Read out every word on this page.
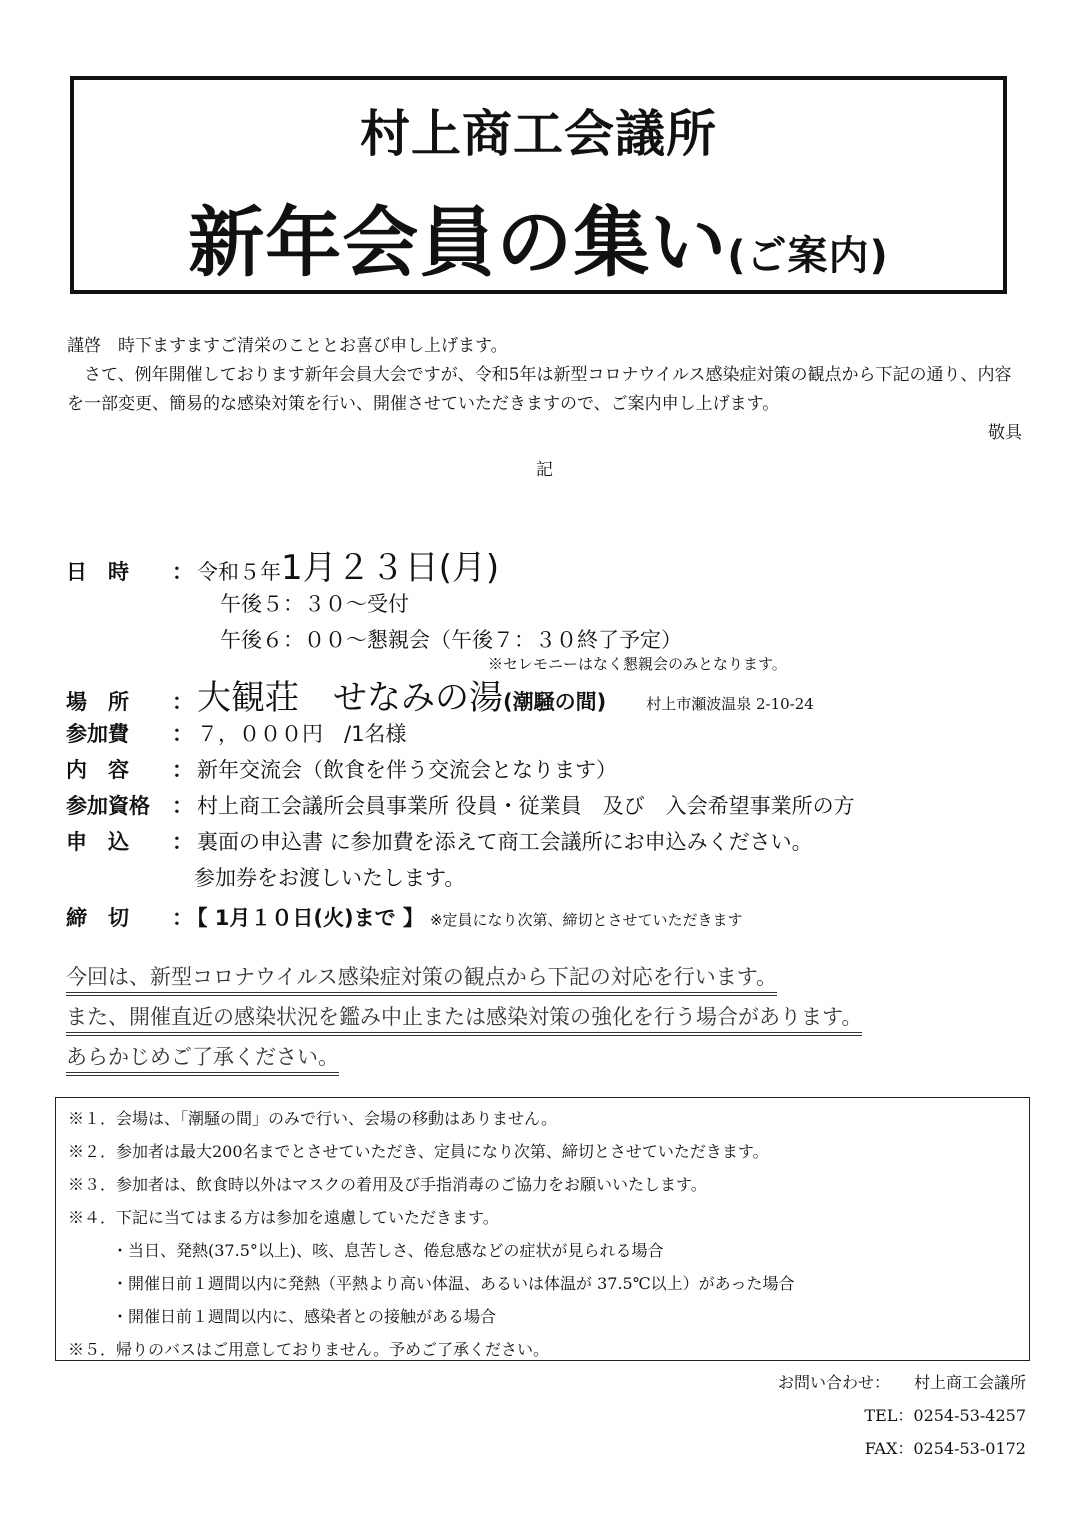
村上商工会議所
新年会員の集い(ご案内)

謹啓　時下ますますご清栄のこととお喜び申し上げます。

さて、例年開催しております新年会員大会ですが、令和5年は新型コロナウイルス感染症対策の観点から下記の通り、内容を一部変更、簡易的な感染対策を行い、開催させていただきますので、ご案内申し上げます。

敬具

記

日　時 ： 令和５年1月２３日(月)
午後５：３０～受付
午後６：００～懇親会（午後７：３０終了予定）
※セレモニーはなく懇親会のみとなります。
場　所 ： 大観荘　せなみの湯(潮騒の間)	村上市瀬波温泉 2-10-24
参加費 ： ７，０００円　/1名様
内　容 ： 新年交流会（飲食を伴う交流会となります）
参加資格 ： 村上商工会議所会員事業所 役員・従業員　及び　入会希望事業所の方
申　込 ： 裏面の申込書 に参加費を添えて商工会議所にお申込みください。
参加券をお渡しいたします。
締　切 ： 【 1月１０日(火)まで 】 ※定員になり次第、締切とさせていただきます

今回は、新型コロナウイルス感染症対策の観点から下記の対応を行います。

また、開催直近の感染状況を鑑み中止または感染対策の強化を行う場合があります。

あらかじめご了承ください。

※１．会場は、「潮騒の間」のみで行い、会場の移動はありません。
※２．参加者は最大200名までとさせていただき、定員になり次第、締切とさせていただきます。
※３．参加者は、飲食時以外はマスクの着用及び手指消毒のご協力をお願いいたします。
※４．下記に当てはまる方は参加を遠慮していただきます。
・当日、発熱(37.5°以上)、咳、息苦しさ、倦怠感などの症状が見られる場合
・開催日前１週間以内に発熱（平熱より高い体温、あるいは体温が 37.5℃以上）があった場合
・開催日前１週間以内に、感染者との接触がある場合
※５．帰りのバスはご用意しておりません。予めご了承ください。
お問い合わせ： 村上商工会議所
TEL：0254-53-4257
FAX：0254-53-0172
